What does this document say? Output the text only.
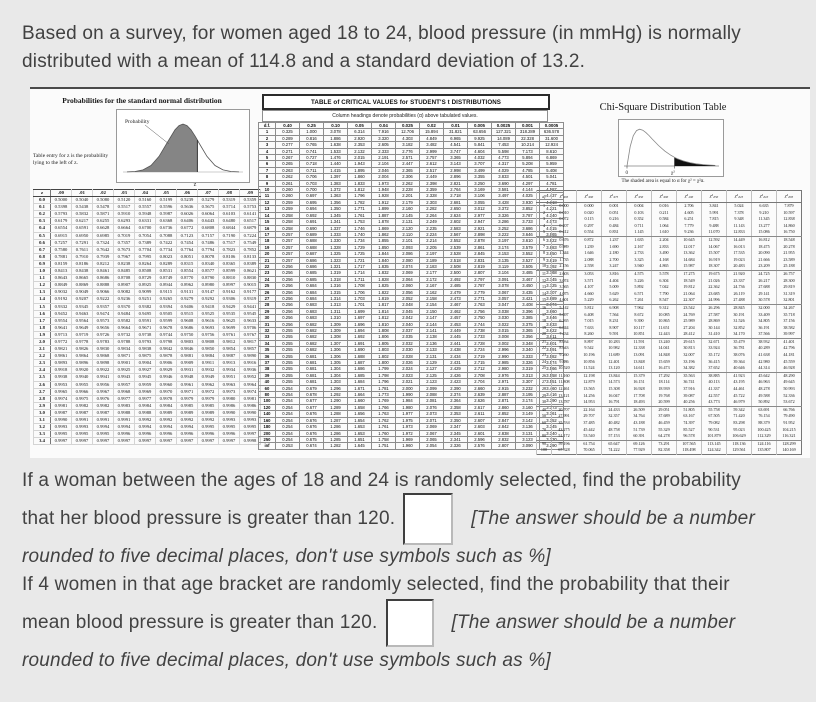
Based on a survey, for women aged 18 to 24, blood pressure (in mmHg) is normally
distributed with a mean of 114.8 and a standard deviation of 13.2.
Probabilities for the standard normal distribution
Probability
z
Table entry for z is the probability lying to the left of z.
z	.00	.01	.02	.03	.04	.05	.06	.07	.08	.09
0.0	0.5000	0.5040	0.5080	0.5120	0.5160	0.5199	0.5239	0.5279	0.5319	0.5359
0.1	0.5398	0.5438	0.5478	0.5517	0.5557	0.5596	0.5636	0.5675	0.5714	0.5753
0.2	0.5793	0.5832	0.5871	0.5910	0.5948	0.5987	0.6026	0.6064	0.6103	0.6141
0.3	0.6179	0.6217	0.6255	0.6293	0.6331	0.6368	0.6406	0.6443	0.6480	0.6517
0.4	0.6554	0.6591	0.6628	0.6664	0.6700	0.6736	0.6772	0.6808	0.6844	0.6879
0.5	0.6915	0.6950	0.6985	0.7019	0.7054	0.7088	0.7123	0.7157	0.7190	0.7224
0.6	0.7257	0.7291	0.7324	0.7357	0.7389	0.7422	0.7454	0.7486	0.7517	0.7549
0.7	0.7580	0.7611	0.7642	0.7673	0.7704	0.7734	0.7764	0.7794	0.7823	0.7852
0.8	0.7881	0.7910	0.7939	0.7967	0.7995	0.8023	0.8051	0.8078	0.8106	0.8133
0.9	0.8159	0.8186	0.8212	0.8238	0.8264	0.8289	0.8315	0.8340	0.8365	0.8389
1.0	0.8413	0.8438	0.8461	0.8485	0.8508	0.8531	0.8554	0.8577	0.8599	0.8621
1.1	0.8643	0.8665	0.8686	0.8708	0.8729	0.8749	0.8770	0.8790	0.8810	0.8830
1.2	0.8849	0.8869	0.8888	0.8907	0.8925	0.8944	0.8962	0.8980	0.8997	0.9015
1.3	0.9032	0.9049	0.9066	0.9082	0.9099	0.9115	0.9131	0.9147	0.9162	0.9177
1.4	0.9192	0.9207	0.9222	0.9236	0.9251	0.9265	0.9279	0.9292	0.9306	0.9319
1.5	0.9332	0.9345	0.9357	0.9370	0.9382	0.9394	0.9406	0.9418	0.9429	0.9441
1.6	0.9452	0.9463	0.9474	0.9484	0.9495	0.9505	0.9515	0.9525	0.9535	0.9545
1.7	0.9554	0.9564	0.9573	0.9582	0.9591	0.9599	0.9608	0.9616	0.9625	0.9633
1.8	0.9641	0.9649	0.9656	0.9664	0.9671	0.9678	0.9686	0.9693	0.9699	0.9706
1.9	0.9713	0.9719	0.9726	0.9732	0.9738	0.9744	0.9750	0.9756	0.9761	0.9767
2.0	0.9772	0.9778	0.9783	0.9788	0.9793	0.9798	0.9803	0.9808	0.9812	0.9817
2.1	0.9821	0.9826	0.9830	0.9834	0.9838	0.9842	0.9846	0.9850	0.9854	0.9857
2.2	0.9861	0.9864	0.9868	0.9871	0.9875	0.9878	0.9881	0.9884	0.9887	0.9890
2.3	0.9893	0.9896	0.9898	0.9901	0.9904	0.9906	0.9909	0.9911	0.9913	0.9916
2.4	0.9918	0.9920	0.9922	0.9925	0.9927	0.9929	0.9931	0.9932	0.9934	0.9936
2.5	0.9938	0.9940	0.9941	0.9943	0.9945	0.9946	0.9948	0.9949	0.9951	0.9952
2.6	0.9953	0.9955	0.9956	0.9957	0.9959	0.9960	0.9961	0.9962	0.9963	0.9964
2.7	0.9965	0.9966	0.9967	0.9968	0.9969	0.9970	0.9971	0.9972	0.9973	0.9974
2.8	0.9974	0.9975	0.9976	0.9977	0.9977	0.9978	0.9979	0.9979	0.9980	0.9981
2.9	0.9981	0.9982	0.9982	0.9983	0.9984	0.9984	0.9985	0.9985	0.9986	0.9986
3.0	0.9987	0.9987	0.9987	0.9988	0.9988	0.9989	0.9989	0.9989	0.9990	0.9990
3.1	0.9990	0.9991	0.9991	0.9991	0.9992	0.9992	0.9992	0.9992	0.9993	0.9993
3.2	0.9993	0.9993	0.9994	0.9994	0.9994	0.9994	0.9994	0.9995	0.9995	0.9995
3.3	0.9995	0.9995	0.9995	0.9996	0.9996	0.9996	0.9996	0.9996	0.9996	0.9997
3.4	0.9997	0.9997	0.9997	0.9997	0.9997	0.9997	0.9997	0.9997	0.9997	0.9998
TABLE of CRITICAL VALUES for STUDENT'S t DISTRIBUTIONS
Column headings denote probabilities (α) above tabulated values.
d.f.	0.40	0.25	0.10	0.05	0.04	0.025	0.02	0.01	0.005	0.0025	0.001	0.0005
1	0.325	1.000	3.078	6.314	7.916	12.706	15.894	31.821	63.656	127.321	318.289	636.578
2	0.289	0.816	1.886	2.920	3.320	4.303	4.849	6.965	9.925	14.089	22.328	31.600
3	0.277	0.765	1.638	2.353	2.605	3.182	3.482	4.541	5.841	7.453	10.214	12.924
4	0.271	0.741	1.533	2.132	2.333	2.776	2.999	3.747	4.604	5.598	7.173	8.610
5	0.267	0.727	1.476	2.015	2.191	2.571	2.757	3.365	4.032	4.773	5.894	6.869
6	0.265	0.718	1.440	1.943	2.104	2.447	2.612	3.143	3.707	4.317	5.208	5.959
7	0.263	0.711	1.415	1.895	2.046	2.365	2.517	2.998	3.499	4.029	4.785	5.408
8	0.262	0.706	1.397	1.860	2.004	2.306	2.449	2.896	3.355	3.833	4.501	5.041
9	0.261	0.703	1.383	1.833	1.973	2.262	2.398	2.821	3.250	3.690	4.297	4.781
10	0.260	0.700	1.372	1.812	1.948	2.228	2.359	2.764	3.169	3.581	4.144	4.587
11	0.260	0.697	1.363	1.796	1.928	2.201	2.328	2.718	3.106	3.497	4.025	4.437
12	0.259	0.695	1.356	1.782	1.912	2.179	2.303	2.681	3.055	3.428	3.930	4.318
13	0.259	0.694	1.350	1.771	1.899	2.160	2.282	2.650	3.012	3.372	3.852	4.221
14	0.258	0.692	1.345	1.761	1.887	2.145	2.264	2.624	2.977	3.326	3.787	4.140
15	0.258	0.691	1.341	1.753	1.878	2.131	2.249	2.602	2.947	3.286	3.733	4.073
16	0.258	0.690	1.337	1.746	1.869	2.120	2.235	2.583	2.921	3.252	3.686	4.015
17	0.257	0.689	1.333	1.740	1.862	2.110	2.224	2.567	2.898	3.222	3.646	3.965
18	0.257	0.688	1.330	1.734	1.855	2.101	2.214	2.552	2.878	3.197	3.610	3.922
19	0.257	0.688	1.328	1.729	1.850	2.093	2.205	2.539	2.861	3.174	3.579	3.883
20	0.257	0.687	1.325	1.725	1.844	2.086	2.197	2.528	2.845	3.153	3.552	3.850
21	0.257	0.686	1.323	1.721	1.840	2.080	2.189	2.518	2.831	3.135	3.527	3.819
22	0.256	0.686	1.321	1.717	1.835	2.074	2.183	2.508	2.819	3.119	3.505	3.792
23	0.256	0.685	1.319	1.714	1.832	2.069	2.177	2.500	2.807	3.104	3.485	3.768
24	0.256	0.685	1.318	1.711	1.828	2.064	2.172	2.492	2.797	3.091	3.467	3.745
25	0.256	0.684	1.316	1.708	1.825	2.060	2.167	2.485	2.787	3.078	3.450	3.725
26	0.256	0.684	1.315	1.706	1.822	2.056	2.162	2.479	2.779	3.067	3.435	3.707
27	0.256	0.684	1.314	1.703	1.819	2.052	2.158	2.473	2.771	3.057	3.421	3.689
28	0.256	0.683	1.313	1.701	1.817	2.048	2.154	2.467	2.763	3.047	3.408	3.674
29	0.256	0.683	1.311	1.699	1.814	2.045	2.150	2.462	2.756	3.038	3.396	3.660
30	0.256	0.683	1.310	1.697	1.812	2.042	2.147	2.457	2.750	3.030	3.385	3.646
31	0.256	0.682	1.309	1.696	1.810	2.040	2.144	2.453	2.744	3.022	3.375	3.633
32	0.255	0.682	1.309	1.694	1.808	2.037	2.141	2.449	2.738	3.015	3.365	3.622
33	0.255	0.682	1.308	1.692	1.806	2.035	2.138	2.445	2.733	3.008	3.356	3.611
34	0.255	0.682	1.307	1.691	1.805	2.032	2.136	2.441	2.728	3.002	3.348	3.601
35	0.255	0.682	1.306	1.690	1.803	2.030	2.133	2.438	2.724	2.996	3.340	3.591
36	0.255	0.681	1.306	1.688	1.802	2.028	2.131	2.434	2.719	2.990	3.333	3.582
37	0.255	0.681	1.305	1.687	1.800	2.026	2.129	2.431	2.715	2.985	3.326	3.574
38	0.255	0.681	1.304	1.686	1.799	2.024	2.127	2.429	2.712	2.980	3.319	3.566
39	0.255	0.681	1.304	1.685	1.798	2.023	2.125	2.426	2.708	2.976	3.313	3.558
40	0.255	0.681	1.303	1.684	1.796	2.021	2.123	2.423	2.704	2.971	3.307	3.551
60	0.254	0.679	1.296	1.671	1.781	2.000	2.099	2.390	2.660	2.915	3.232	3.460
80	0.254	0.678	1.292	1.664	1.773	1.990	2.088	2.374	2.639	2.887	3.195	3.416
100	0.254	0.677	1.290	1.660	1.769	1.984	2.081	2.364	2.626	2.871	3.174	3.390
120	0.254	0.677	1.289	1.658	1.766	1.980	2.076	2.358	2.617	2.860	3.160	3.373
140	0.254	0.676	1.288	1.656	1.763	1.977	2.073	2.353	2.611	2.852	3.149	3.361
160	0.254	0.676	1.287	1.654	1.762	1.975	2.071	2.350	2.607	2.847	3.142	3.352
180	0.254	0.676	1.286	1.653	1.761	1.973	2.069	2.347	2.603	2.842	3.136	3.345
200	0.254	0.676	1.286	1.653	1.760	1.972	2.067	2.345	2.601	2.838	3.131	3.340
250	0.254	0.675	1.285	1.651	1.758	1.969	2.065	2.341	2.596	2.832	3.123	3.330
inf	0.253	0.674	1.282	1.645	1.751	1.960	2.054	2.326	2.576	2.807	3.090	3.290
Chi-Square Distribution Table
0	χ²
The shaded area is equal to α for χ² = χ²α.
df	$\chi^2_{.995}$	$\chi^2_{.990}$	$\chi^2_{.975}$	$\chi^2_{.950}$	$\chi^2_{.900}$	$\chi^2_{.100}$	$\chi^2_{.050}$	$\chi^2_{.025}$	$\chi^2_{.010}$	$\chi^2_{.005}$
1	0.000	0.000	0.001	0.004	0.016	2.706	3.841	5.024	6.635	7.879
2	0.010	0.020	0.051	0.103	0.211	4.605	5.991	7.378	9.210	10.597
3	0.072	0.115	0.216	0.352	0.584	6.251	7.815	9.348	11.345	12.838
4	0.207	0.297	0.484	0.711	1.064	7.779	9.488	11.143	13.277	14.860
5	0.412	0.554	0.831	1.145	1.610	9.236	11.070	12.833	15.086	16.750
6	0.676	0.872	1.237	1.635	2.204	10.645	12.592	14.449	16.812	18.548
7	0.989	1.239	1.690	2.167	2.833	12.017	14.067	16.013	18.475	20.278
8	1.344	1.646	2.180	2.733	3.490	13.362	15.507	17.535	20.090	21.955
9	1.735	2.088	2.700	3.325	4.168	14.684	16.919	19.023	21.666	23.589
10	2.156	2.558	3.247	3.940	4.865	15.987	18.307	20.483	23.209	25.188
11	2.603	3.053	3.816	4.575	5.578	17.275	19.675	21.920	24.725	26.757
12	3.074	3.571	4.404	5.226	6.304	18.549	21.026	23.337	26.217	28.300
13	3.565	4.107	5.009	5.892	7.042	19.812	22.362	24.736	27.688	29.819
14	4.075	4.660	5.629	6.571	7.790	21.064	23.685	26.119	29.141	31.319
15	4.601	5.229	6.262	7.261	8.547	22.307	24.996	27.488	30.578	32.801
16	5.142	5.812	6.908	7.962	9.312	23.542	26.296	28.845	32.000	34.267
17	5.697	6.408	7.564	8.672	10.085	24.769	27.587	30.191	33.409	35.718
18	6.265	7.015	8.231	9.390	10.865	25.989	28.869	31.526	34.805	37.156
19	6.844	7.633	8.907	10.117	11.651	27.204	30.144	32.852	36.191	38.582
20	7.434	8.260	9.591	10.851	12.443	28.412	31.410	34.170	37.566	39.997
21	8.034	8.897	10.283	11.591	13.240	29.615	32.671	35.479	38.932	41.401
22	8.643	9.542	10.982	12.338	14.041	30.813	33.924	36.781	40.289	42.796
23	9.260	10.196	11.689	13.091	14.848	32.007	35.172	38.076	41.638	44.181
24	9.886	10.856	12.401	13.848	15.659	33.196	36.415	39.364	42.980	45.559
25	10.520	11.524	13.120	14.611	16.473	34.382	37.652	40.646	44.314	46.928
26	11.160	12.198	13.844	15.379	17.292	35.563	38.885	41.923	45.642	48.290
27	11.808	12.879	14.573	16.151	18.114	36.741	40.113	43.195	46.963	49.645
28	12.461	13.565	15.308	16.928	18.939	37.916	41.337	44.461	48.278	50.993
29	13.121	14.256	16.047	17.708	19.768	39.087	42.557	45.722	49.588	52.336
30	13.787	14.953	16.791	18.493	20.599	40.256	43.773	46.979	50.892	53.672
40	20.707	22.164	24.433	26.509	29.051	51.805	55.758	59.342	63.691	66.766
50	27.991	29.707	32.357	34.764	37.689	63.167	67.505	71.420	76.154	79.490
60	35.534	37.485	40.482	43.188	46.459	74.397	79.082	83.298	88.379	91.952
70	43.275	45.442	48.758	51.739	55.329	85.527	90.531	95.023	100.425	104.215
80	51.172	53.540	57.153	60.391	64.278	96.578	101.879	106.629	112.329	116.321
90	59.196	61.754	65.647	69.126	73.291	107.565	113.145	118.136	124.116	128.299
100	67.328	70.065	74.222	77.929	82.358	118.498	124.342	129.561	135.807	140.169
If a woman between the ages of 18 and 24 is randomly selected, find the probability
that her blood pressure is greater than 120.	[The answer should be a number
rounded to five decimal places, don't use symbols such as %]
If 4 women in that age bracket are randomly selected, find the probability that their
mean blood pressure is greater than 120.	[The answer should be a number
rounded to five decimal places, don't use symbols such as %]
